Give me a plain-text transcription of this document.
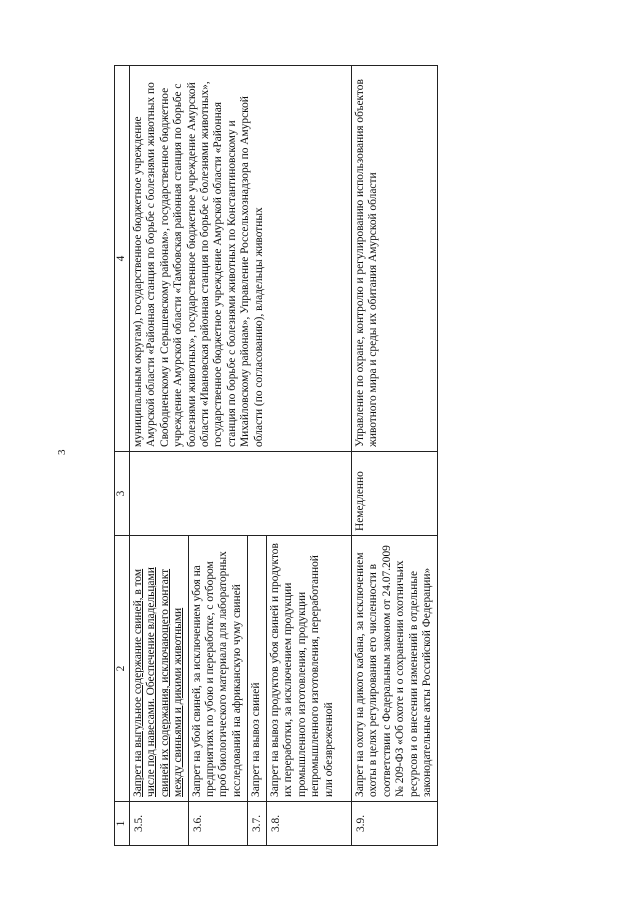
3
1	2	3	4
3.5.	Запрет на выгульное содержание свиней, в том числе под навесами. Обеспечение владельцами свиней их содержания, исключающего контакт между свиньями и дикими животными		муниципальным округам), государственное бюджетное учреждение Амурской области «Районная станция по борьбе с болезнями животных по Свободненскому и Серышевскому районам», государственное бюджетное учреждение Амурской области «Тамбовская районная станция по борьбе с болезнями животных», государственное бюджетное учреждение Амурской области «Ивановская районная станция по борьбе с болезнями животных», государственное бюджетное учреждение Амурской области «Районная станция по борьбе с болезнями животных по Константиновскому и Михайловскому районам», Управление Россельхознадзора по Амурской области (по согласованию), владельцы животных
3.6.	Запрет на убой свиней, за исключением убоя на предприятиях по убою и переработке, с отбором проб биологического материала для лабораторных исследований на африканскую чуму свиней		
3.7.	Запрет на вывоз свиней		
3.8.	Запрет на вывоз продуктов убоя свиней и продуктов их переработки, за исключением продукции промышленного изготовления, продукции непромышленного изготовления, переработанной или обезвреженной		
3.9.	Запрет на охоту на дикого кабана, за исключением охоты в целях регулирования его численности в соответствии с Федеральным законом от 24.07.2009 № 209-ФЗ «Об охоте и о сохранении охотничьих ресурсов и о внесении изменений в отдельные законодательные акты Российской Федерации»	Немедленно	Управление по охране, контролю и регулированию использования объектов животного мира и среды их обитания Амурской области
